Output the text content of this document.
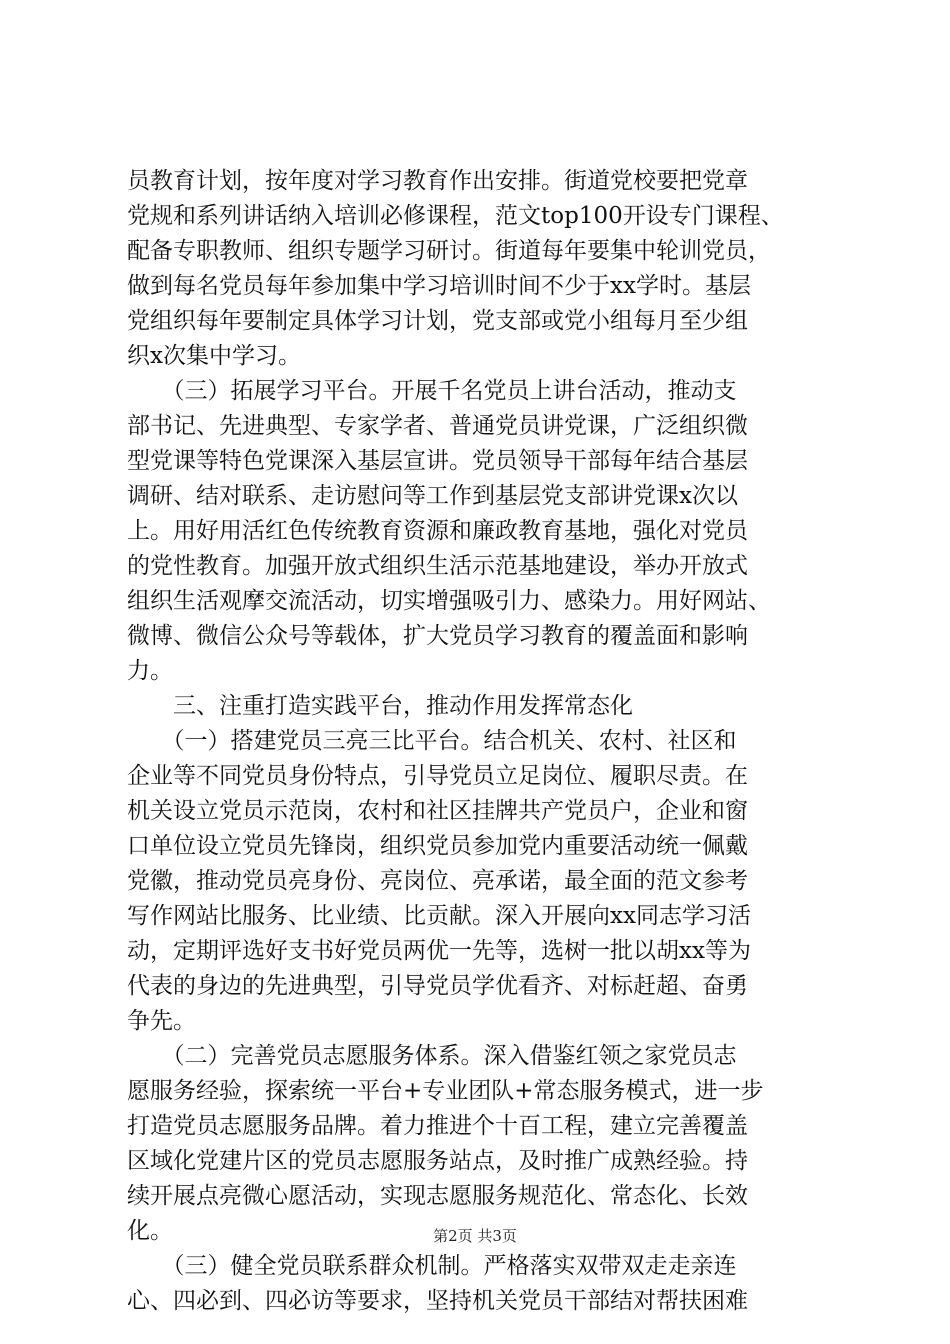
员教育计划，按年度对学习教育作出安排。街道党校要把党章
党规和系列讲话纳入培训必修课程，范文top100开设专门课程、
配备专职教师、组织专题学习研讨。街道每年要集中轮训党员，
做到每名党员每年参加集中学习培训时间不少于xx学时。基层
党组织每年要制定具体学习计划，党支部或党小组每月至少组
织x次集中学习。
　　（三）拓展学习平台。开展千名党员上讲台活动，推动支
部书记、先进典型、专家学者、普通党员讲党课，广泛组织微
型党课等特色党课深入基层宣讲。党员领导干部每年结合基层
调研、结对联系、走访慰问等工作到基层党支部讲党课x次以
上。用好用活红色传统教育资源和廉政教育基地，强化对党员
的党性教育。加强开放式组织生活示范基地建设，举办开放式
组织生活观摩交流活动，切实增强吸引力、感染力。用好网站、
微博、微信公众号等载体，扩大党员学习教育的覆盖面和影响
力。
　　三、注重打造实践平台，推动作用发挥常态化
　　（一）搭建党员三亮三比平台。结合机关、农村、社区和
企业等不同党员身份特点，引导党员立足岗位、履职尽责。在
机关设立党员示范岗，农村和社区挂牌共产党员户，企业和窗
口单位设立党员先锋岗，组织党员参加党内重要活动统一佩戴
党徽，推动党员亮身份、亮岗位、亮承诺，最全面的范文参考
写作网站比服务、比业绩、比贡献。深入开展向xx同志学习活
动，定期评选好支书好党员两优一先等，选树一批以胡xx等为
代表的身边的先进典型，引导党员学优看齐、对标赶超、奋勇
争先。
　　（二）完善党员志愿服务体系。深入借鉴红领之家党员志
愿服务经验，探索统一平台+专业团队+常态服务模式，进一步
打造党员志愿服务品牌。着力推进个十百工程，建立完善覆盖
区域化党建片区的党员志愿服务站点，及时推广成熟经验。持
续开展点亮微心愿活动，实现志愿服务规范化、常态化、长效
化。
　　（三）健全党员联系群众机制。严格落实双带双走走亲连
心、四必到、四必访等要求，坚持机关党员干部结对帮扶困难
第2页 共3页
